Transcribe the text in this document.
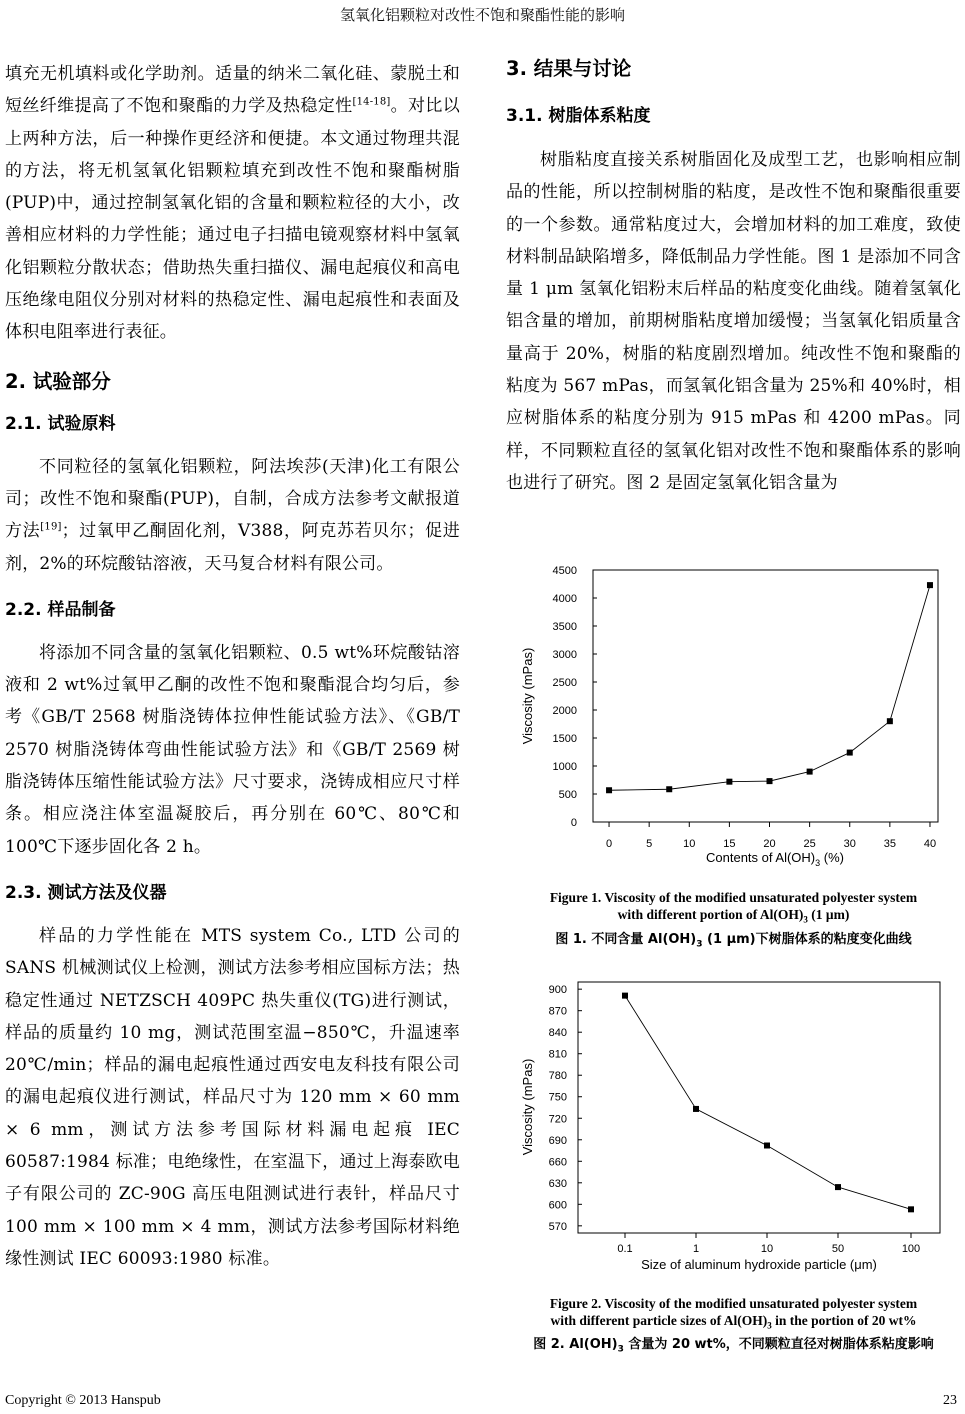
氢氧化铝颗粒对改性不饱和聚酯性能的影响

填充无机填料或化学助剂。适量的纳米二氧化硅、蒙脱土和短丝纤维提高了不饱和聚酯的力学及热稳定性[14-18]。对比以上两种方法，后一种操作更经济和便捷。本文通过物理共混的方法，将无机氢氧化铝颗粒填充到改性不饱和聚酯树脂(PUP)中，通过控制氢氧化铝的含量和颗粒粒径的大小，改善相应材料的力学性能；通过电子扫描电镜观察材料中氢氧化铝颗粒分散状态；借助热失重扫描仪、漏电起痕仪和高电压绝缘电阻仪分别对材料的热稳定性、漏电起痕性和表面及体积电阻率进行表征。

2. 试验部分
2.1. 试验原料

不同粒径的氢氧化铝颗粒，阿法埃莎(天津)化工有限公司；改性不饱和聚酯(PUP)，自制，合成方法参考文献报道方法[19]；过氧甲乙酮固化剂，V388，阿克苏若贝尔；促进剂，2%的环烷酸钴溶液，天马复合材料有限公司。

2.2. 样品制备

将添加不同含量的氢氧化铝颗粒、0.5 wt%环烷酸钴溶液和 2 wt%过氧甲乙酮的改性不饱和聚酯混合均匀后，参考《GB/T 2568 树脂浇铸体拉伸性能试验方法》、《GB/T 2570 树脂浇铸体弯曲性能试验方法》和《GB/T 2569 树脂浇铸体压缩性能试验方法》尺寸要求，浇铸成相应尺寸样条。相应浇注体室温凝胶后，再分别在 60℃、80℃和 100℃下逐步固化各 2 h。

2.3. 测试方法及仪器

样品的力学性能在 MTS system Co., LTD 公司的 SANS 机械测试仪上检测，测试方法参考相应国标方法；热稳定性通过 NETZSCH 409PC 热失重仪(TG)进行测试，样品的质量约 10 mg，测试范围室温−850℃，升温速率 20℃/min；样品的漏电起痕性通过西安电友科技有限公司的漏电起痕仪进行测试，样品尺寸为 120 mm × 60 mm × 6 mm，测试方法参考国际材料漏电起痕 IEC 60587:1984 标准；电绝缘性，在室温下，通过上海泰欧电子有限公司的 ZC-90G 高压电阻测试进行表针，样品尺寸 100 mm × 100 mm × 4 mm，测试方法参考国际材料绝缘性测试 IEC 60093:1980 标准。

3. 结果与讨论
3.1. 树脂体系粘度

树脂粘度直接关系树脂固化及成型工艺，也影响相应制品的性能，所以控制树脂的粘度，是改性不饱和聚酯很重要的一个参数。通常粘度过大，会增加材料的加工难度，致使材料制品缺陷增多，降低制品力学性能。图 1 是添加不同含量 1 μm 氢氧化铝粉末后样品的粘度变化曲线。随着氢氧化铝含量的增加，前期树脂粘度增加缓慢；当氢氧化铝质量含量高于 20%，树脂的粘度剧烈增加。纯改性不饱和聚酯的粘度为 567 mPas，而氢氧化铝含量为 25%和 40%时，相应树脂体系的粘度分别为 915 mPas 和 4200 mPas。同样，不同颗粒直径的氢氧化铝对改性不饱和聚酯体系的影响也进行了研究。图 2 是固定氢氧化铝含量为

0
500
1000
1500
2000
2500
3000
3500
4000
4500
0	5	10	15	20	25	30	35	40
Viscosity (mPas)
Contents of $Al(OH)_3$ (%)

Figure 1. Viscosity of the modified unsaturated polyester system

with different portion of $Al(OH)_3$ (1 μm)

图 1. 不同含量 $Al(OH)_3$ (1 μm)下树脂体系的粘度变化曲线

570
600
630
660
690
720
750
780
810
840
870
900
0.1	1	10	50	100
Viscosity (mPas)
Size of aluminum hydroxide particle (μm)

Figure 2. Viscosity of the modified unsaturated polyester system

with different particle sizes of $Al(OH)_3$ in the portion of 20 wt%

图 2. $Al(OH)_3$ 含量为 20 wt%，不同颗粒直径对树脂体系粘度影响

Copyright © 2013 Hanspub	23
